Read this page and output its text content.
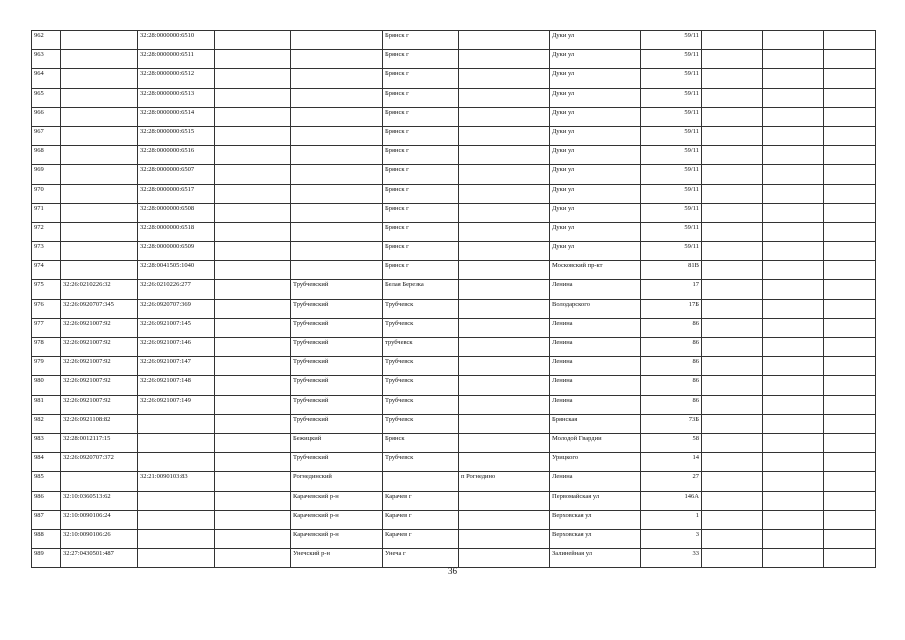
962		32:28:0000000:6510			Брянск г		Дуки ул	59/11			
963		32:28:0000000:6511			Брянск г		Дуки ул	59/11			
964		32:28:0000000:6512			Брянск г		Дуки ул	59/11			
965		32:28:0000000:6513			Брянск г		Дуки ул	59/11			
966		32:28:0000000:6514			Брянск г		Дуки ул	59/11			
967		32:28:0000000:6515			Брянск г		Дуки ул	59/11			
968		32:28:0000000:6516			Брянск г		Дуки ул	59/11			
969		32:28:0000000:6507			Брянск г		Дуки ул	59/11			
970		32:28:0000000:6517			Брянск г		Дуки ул	59/11			
971		32:28:0000000:6508			Брянск г		Дуки ул	59/11			
972		32:28:0000000:6518			Брянск г		Дуки ул	59/11			
973		32:28:0000000:6509			Брянск г		Дуки ул	59/11			
974		32:28:0041505:1040			Брянск г		Московский пр-кт	81В			
975	32:26:0210226:32	32:26:0210226:277		Трубчевский	Белая Березка		Ленина	17			
976	32:26:0920707:345	32:26:0920707:369		Трубчевский	Трубчевск		Володарского	17Б			
977	32:26:0921007:92	32:26:0921007:145		Трубчевский	Трубчевск		Ленина	86			
978	32:26:0921007:92	32:26:0921007:146		Трубчевский	трубчевск		Ленина	86			
979	32:26:0921007:92	32:26:0921007:147		Трубчевский	Трубчевск		Ленина	86			
980	32:26:0921007:92	32:26:0921007:148		Трубчевский	Трубчевск		Ленина	86			
981	32:26:0921007:92	32:26:0921007:149		Трубчевский	Трубчевск		Ленина	86			
982	32:26:0921108:82			Трубчевский	Трубчевск		Брянская	73Б			
983	32:28:0012117:15			Бежицкий	Брянск		Молодой Гвардии	58			
984	32:26:0920707:372			Трубчевский	Трубчевск		Урицкого	14			
985		32:21:0090103:83		Рогнединский		п Рогнедино	Ленина	27			
986	32:10:0360513:62			Карачевский р-н	Карачев г		Первомайская ул	146А			
987	32:10:0090106:24			Карачевский р-н	Карачев г		Верховская ул	1			
988	32:10:0090106:26			Карачевский р-н	Карачев г		Верховская ул	3			
989	32:27:0430501:487			Унечский р-н	Унеча г		Залинейная ул	33			
36
